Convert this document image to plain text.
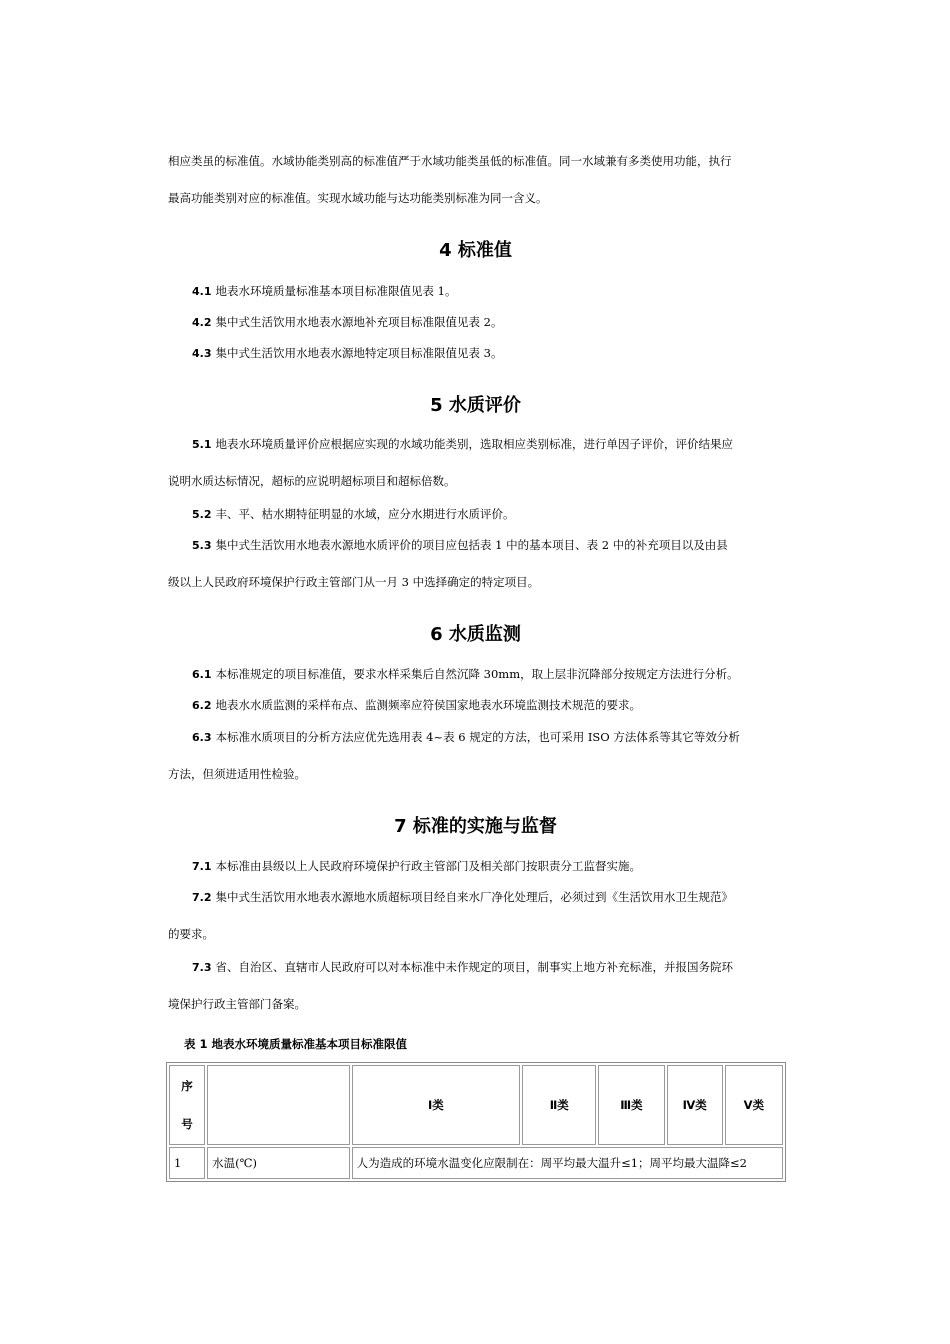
相应类虽的标准值。水域协能类别高的标准值严于水域功能类虽低的标准值。同一水域兼有多类使用功能，执行
最高功能类别对应的标准值。实现水域功能与达功能类别标准为同一含义。
4 标准值
4.1 地表水环境质量标准基本项目标准限值见表 1。
4.2 集中式生活饮用水地表水源地补充项目标准限值见表 2。
4.3 集中式生活饮用水地表水源地特定项目标准限值见表 3。
5 水质评价
5.1 地表水环境质量评价应根据应实现的水域功能类别，选取相应类别标准，进行单因子评价，评价结果应
说明水质达标情况，超标的应说明超标项目和超标倍数。
5.2 丰、平、枯水期特征明显的水域，应分水期进行水质评价。
5.3 集中式生活饮用水地表水源地水质评价的项目应包括表 1 中的基本项目、表 2 中的补充项目以及由县
级以上人民政府环境保护行政主管部门从一月 3 中选择确定的特定项目。
6 水质监测
6.1 本标准规定的项目标准值，要求水样采集后自然沉降 30mm，取上层非沉降部分按规定方法进行分析。
6.2 地表水水质监测的采样布点、监测频率应符侯国家地表水环境监测技术规范的要求。
6.3 本标准水质项目的分析方法应优先选用表 4~表 6 规定的方法，也可采用 ISO 方法体系等其它等效分析
方法，但须进适用性检验。
7 标准的实施与监督
7.1 本标准由县级以上人民政府环境保护行政主管部门及相关部门按职责分工监督实施。
7.2 集中式生活饮用水地表水源地水质超标项目经自来水厂净化处理后，必须过到《生活饮用水卫生规范》
的要求。
7.3 省、自治区、直辖市人民政府可以对本标准中未作规定的项目，制事实上地方补充标准，并报国务院环
境保护行政主管部门备案。
表 1 地表水环境质量标准基本项目标准限值
序
号		Ⅰ类	Ⅱ类	Ⅲ类	Ⅳ类	Ⅴ类
1	水温(℃)	人为造成的环境水温变化应限制在：周平均最大温升≤1；周平均最大温降≤2				
